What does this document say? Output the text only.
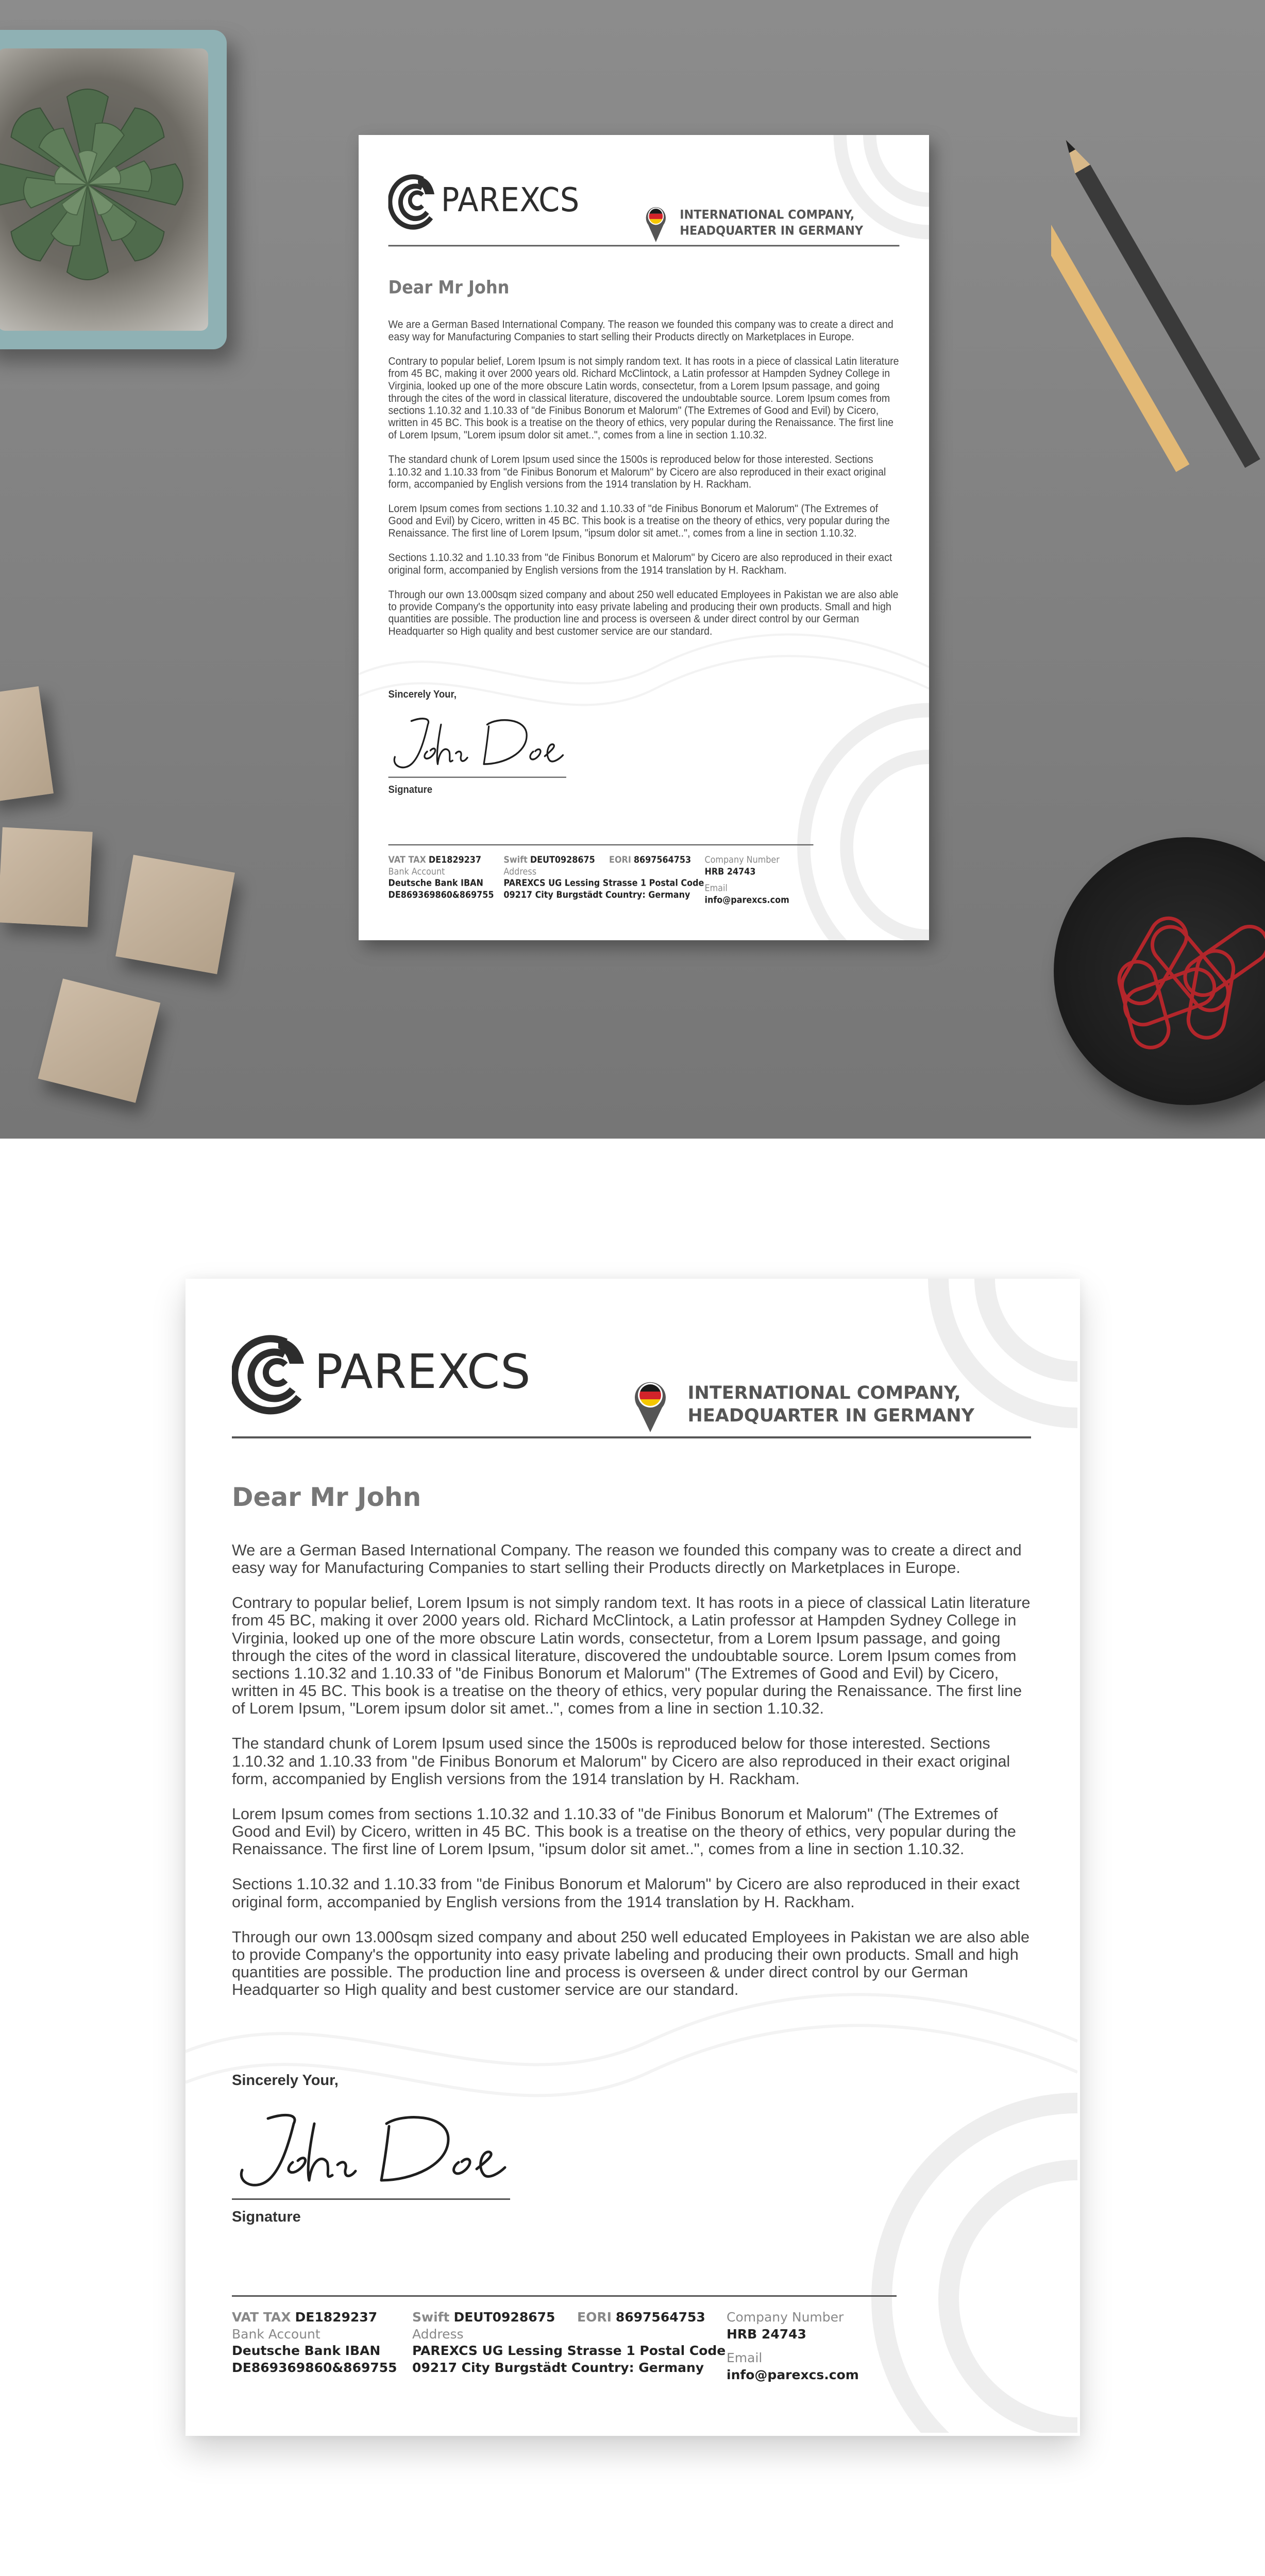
PAREXCS	INTERNATIONAL COMPANY,
HEADQUARTER IN GERMANY
Dear Mr John

We are a German Based International Company. The reason we founded this company was to create a direct and easy way for Manufacturing Companies to start selling their Products directly on Marketplaces in Europe.

Contrary to popular belief, Lorem Ipsum is not simply random text. It has roots in a piece of classical Latin literature from 45 BC, making it over 2000 years old. Richard McClintock, a Latin professor at Hampden Sydney College in Virginia, looked up one of the more obscure Latin words, consectetur, from a Lorem Ipsum passage, and going through the cites of the word in classical literature, discovered the undoubtable source. Lorem Ipsum comes from sections 1.10.32 and 1.10.33 of "de Finibus Bonorum et Malorum" (The Extremes of Good and Evil) by Cicero, written in 45 BC. This book is a treatise on the theory of ethics, very popular during the Renaissance. The first line of Lorem Ipsum, "Lorem ipsum dolor sit amet..", comes from a line in section 1.10.32.

The standard chunk of Lorem Ipsum used since the 1500s is reproduced below for those interested. Sections 1.10.32 and 1.10.33 from "de Finibus Bonorum et Malorum" by Cicero are also reproduced in their exact original form, accompanied by English versions from the 1914 translation by H. Rackham.

Lorem Ipsum comes from sections 1.10.32 and 1.10.33 of "de Finibus Bonorum et Malorum" (The Extremes of Good and Evil) by Cicero, written in 45 BC. This book is a treatise on the theory of ethics, very popular during the Renaissance. The first line of Lorem Ipsum, "ipsum dolor sit amet..", comes from a line in section 1.10.32.

Sections 1.10.32 and 1.10.33 from "de Finibus Bonorum et Malorum" by Cicero are also reproduced in their exact original form, accompanied by English versions from the 1914 translation by H. Rackham.

Through our own 13.000sqm sized company and about 250 well educated Employees in Pakistan we are also able to provide Company's the opportunity into easy private labeling and producing their own products. Small and high quantities are possible. The production line and process is overseen & under direct control by our German Headquarter so High quality and best customer service are our standard.

Sincerely Your,
Signature
VAT TAX DE1829237
Bank Account
Deutsche Bank IBAN
DE869369860&869755
Swift DEUT0928675
Address
PAREXCS UG Lessing Strasse 1 Postal Code
09217 City Burgstädt Country: Germany
EORI 8697564753 Company Number
HRB 24743
Email
info@parexcs.com
PAREXCS	INTERNATIONAL COMPANY,
HEADQUARTER IN GERMANY
Dear Mr John

We are a German Based International Company. The reason we founded this company was to create a direct and easy way for Manufacturing Companies to start selling their Products directly on Marketplaces in Europe.

Contrary to popular belief, Lorem Ipsum is not simply random text. It has roots in a piece of classical Latin literature from 45 BC, making it over 2000 years old. Richard McClintock, a Latin professor at Hampden Sydney College in Virginia, looked up one of the more obscure Latin words, consectetur, from a Lorem Ipsum passage, and going through the cites of the word in classical literature, discovered the undoubtable source. Lorem Ipsum comes from sections 1.10.32 and 1.10.33 of "de Finibus Bonorum et Malorum" (The Extremes of Good and Evil) by Cicero, written in 45 BC. This book is a treatise on the theory of ethics, very popular during the Renaissance. The first line of Lorem Ipsum, "Lorem ipsum dolor sit amet..", comes from a line in section 1.10.32.

The standard chunk of Lorem Ipsum used since the 1500s is reproduced below for those interested. Sections 1.10.32 and 1.10.33 from "de Finibus Bonorum et Malorum" by Cicero are also reproduced in their exact original form, accompanied by English versions from the 1914 translation by H. Rackham.

Lorem Ipsum comes from sections 1.10.32 and 1.10.33 of "de Finibus Bonorum et Malorum" (The Extremes of Good and Evil) by Cicero, written in 45 BC. This book is a treatise on the theory of ethics, very popular during the Renaissance. The first line of Lorem Ipsum, "ipsum dolor sit amet..", comes from a line in section 1.10.32.

Sections 1.10.32 and 1.10.33 from "de Finibus Bonorum et Malorum" by Cicero are also reproduced in their exact original form, accompanied by English versions from the 1914 translation by H. Rackham.

Through our own 13.000sqm sized company and about 250 well educated Employees in Pakistan we are also able to provide Company's the opportunity into easy private labeling and producing their own products. Small and high quantities are possible. The production line and process is overseen & under direct control by our German Headquarter so High quality and best customer service are our standard.

Sincerely Your,
Signature
VAT TAX DE1829237
Bank Account
Deutsche Bank IBAN
DE869369860&869755
Swift DEUT0928675
Address
PAREXCS UG Lessing Strasse 1 Postal Code
09217 City Burgstädt Country: Germany
EORI 8697564753 Company Number
HRB 24743
Email
info@parexcs.com
